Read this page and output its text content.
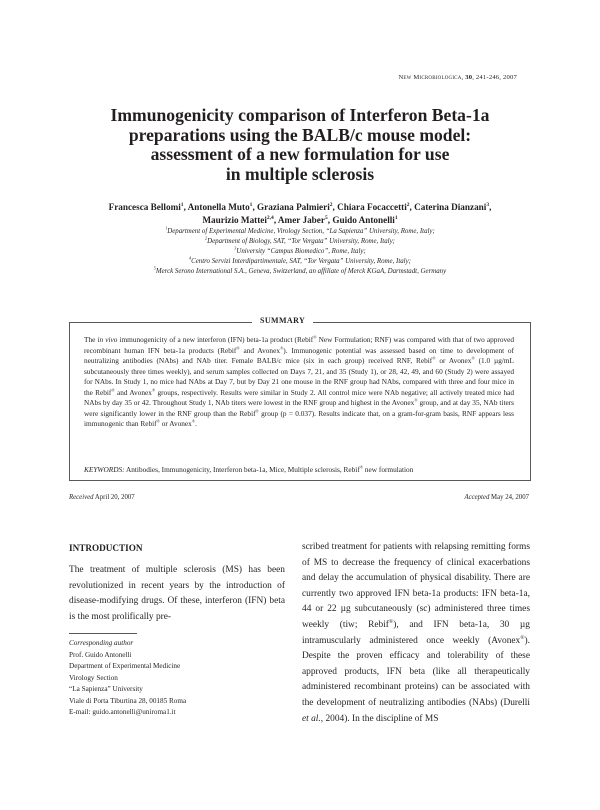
New Microbiologica, 30, 241-246, 2007
Immunogenicity comparison of Interferon Beta-1a
preparations using the BALB/c mouse model:
assessment of a new formulation for use
in multiple sclerosis
Francesca Bellomi$^1$, Antonella Muto$^1$, Graziana Palmieri$^2$, Chiara Focaccetti$^2$, Caterina Dianzani$^3$,
Maurizio Mattei$^{2,4}$, Amer Jaber$^5$, Guido Antonelli$^1$
$^1$Department of Experimental Medicine, Virology Section, “La Sapienza” University, Rome, Italy;
$^2$Department of Biology, SAT, “Tor Vergata” University, Rome, Italy;
$^3$University “Campus Biomedico”, Rome, Italy;
$^4$Centro Servizi Interdipartimentale, SAT, “Tor Vergata” University, Rome, Italy;
$^5$Merck Serono International S.A., Geneva, Switzerland, an affiliate of Merck KGaA, Darmstadt, Germany
SUMMARY
The in vivo immunogenicity of a new interferon (IFN) beta-1a product (Rebif® New Formulation; RNF) was compared with that of two approved recombinant human IFN beta-1a products (Rebif® and Avonex®). Immunogenic potential was assessed based on time to development of neutralizing antibodies (NAbs) and NAb titer. Female BALB/c mice (six in each group) received RNF, Rebif® or Avonex® (1.0 µg/mL subcutaneously three times weekly), and serum samples collected on Days 7, 21, and 35 (Study 1), or 28, 42, 49, and 60 (Study 2) were assayed for NAbs. In Study 1, no mice had NAbs at Day 7, but by Day 21 one mouse in the RNF group had NAbs, compared with three and four mice in the Rebif® and Avonex® groups, respectively. Results were similar in Study 2. All control mice were NAb negative; all actively treated mice had NAbs by day 35 or 42. Throughout Study 1, NAb titers were lowest in the RNF group and highest in the Avonex® group, and at day 35, NAb titers were significantly lower in the RNF group than the Rebif® group (p = 0.037). Results indicate that, on a gram-for-gram basis, RNF appears less immunogenic than Rebif® or Avonex®.
KEYWORDS: Antibodies, Immunogenicity, Interferon beta-1a, Mice, Multiple sclerosis, Rebif® new formulation
Received April 20, 2007	Accepted May 24, 2007
INTRODUCTION
The treatment of multiple sclerosis (MS) has been revolutionized in recent years by the introduction of disease-modifying drugs. Of these, interferon (IFN) beta is the most prolifically pre-
scribed treatment for patients with relapsing remitting forms of MS to decrease the frequency of clinical exacerbations and delay the accumulation of physical disability. There are currently two approved IFN beta-1a products: IFN beta-1a, 44 or 22 µg subcutaneously (sc) administered three times weekly (tiw; Rebif®), and IFN beta-1a, 30 µg intramuscularly administered once weekly (Avonex®). Despite the proven efficacy and tolerability of these approved products, IFN beta (like all therapeutically administered recombinant proteins) can be associated with the development of neutralizing antibodies (NAbs) (Durelli et al., 2004). In the discipline of MS
Corresponding author
Prof. Guido Antonelli
Department of Experimental Medicine
Virology Section
“La Sapienza” University
Viale di Porta Tiburtina 28, 00185 Roma
E-mail: guido.antonelli@uniroma1.it
